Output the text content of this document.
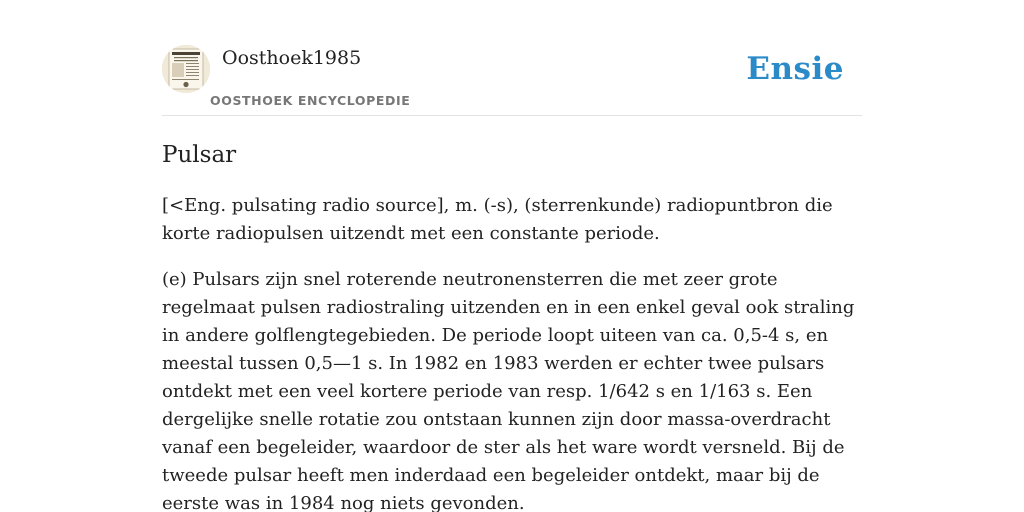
Oosthoek1985
OOSTHOEK ENCYCLOPEDIE
Ensie
Pulsar

[<Eng. pulsating radio source], m. (-s), (sterrenkunde) radiopuntbron die korte radiopulsen uitzendt met een constante periode.

(e) Pulsars zijn snel roterende neutronensterren die met zeer grote regelmaat pulsen radiostraling uitzenden en in een enkel geval ook straling in andere golflengtegebieden. De periode loopt uiteen van ca. 0,5-4 s, en meestal tussen 0,5—1 s. In 1982 en 1983 werden er echter twee pulsars ontdekt met een veel kortere periode van resp. 1/642 s en 1/163 s. Een dergelijke snelle rotatie zou ontstaan kunnen zijn door massa-overdracht vanaf een begeleider, waardoor de ster als het ware wordt versneld. Bij de tweede pulsar heeft men inderdaad een begeleider ontdekt, maar bij de eerste was in 1984 nog niets gevonden.
